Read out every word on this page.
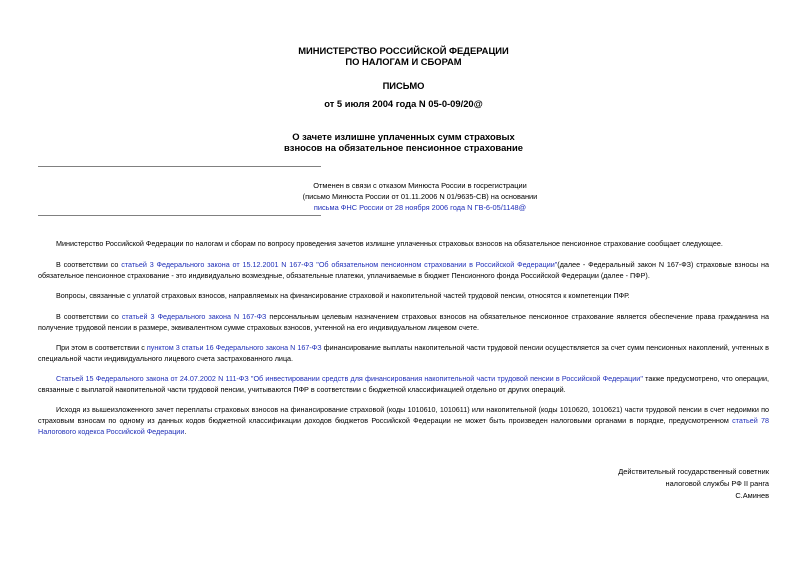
МИНИСТЕРСТВО РОССИЙСКОЙ ФЕДЕРАЦИИ
ПО НАЛОГАМ И СБОРАМ
ПИСЬМО
от 5 июля 2004 года N 05-0-09/20@
О зачете излишне уплаченных сумм страховых
взносов на обязательное пенсионное страхование
Отменен в связи с отказом Минюста России в госрегистрации
(письмо Минюста России от 01.11.2006 N 01/9635-СВ) на основании
письма ФНС России от 28 ноября 2006 года N ГВ-6-05/1148@
Министерство Российской Федерации по налогам и сборам по вопросу проведения зачетов излишне уплаченных страховых взносов на обязательное пенсионное страхование сообщает следующее.
В соответствии со статьей 3 Федерального закона от 15.12.2001 N 167-ФЗ "Об обязательном пенсионном страховании в Российской Федерации"(далее - Федеральный закон N 167-ФЗ) страховые взносы на обязательное пенсионное страхование - это индивидуально возмездные, обязательные платежи, уплачиваемые в бюджет Пенсионного фонда Российской Федерации (далее - ПФР).
Вопросы, связанные с уплатой страховых взносов, направляемых на финансирование страховой и накопительной частей трудовой пенсии, относятся к компетенции ПФР.
В соответствии со статьей 3 Федерального закона N 167-ФЗ персональным целевым назначением страховых взносов на обязательное пенсионное страхование является обеспечение права гражданина на получение трудовой пенсии в размере, эквивалентном сумме страховых взносов, учтенной на его индивидуальном лицевом счете.
При этом в соответствии с пунктом 3 статьи 16 Федерального закона N 167-ФЗ финансирование выплаты накопительной части трудовой пенсии осуществляется за счет сумм пенсионных накоплений, учтенных в специальной части индивидуального лицевого счета застрахованного лица.
Статьей 15 Федерального закона от 24.07.2002 N 111-ФЗ "Об инвестировании средств для финансирования накопительной части трудовой пенсии в Российской Федерации" также предусмотрено, что операции, связанные с выплатой накопительной части трудовой пенсии, учитываются ПФР в соответствии с бюджетной классификацией отдельно от других операций.
Исходя из вышеизложенного зачет переплаты страховых взносов на финансирование страховой (коды 1010610, 1010611) или накопительной (коды 1010620, 1010621) части трудовой пенсии в счет недоимки по страховым взносам по одному из данных кодов бюджетной классификации доходов бюджетов Российской Федерации не может быть произведен налоговыми органами в порядке, предусмотренном статьей 78 Налогового кодекса Российской Федерации.
Действительный государственный советник
налоговой службы РФ II ранга
С.Аминев
